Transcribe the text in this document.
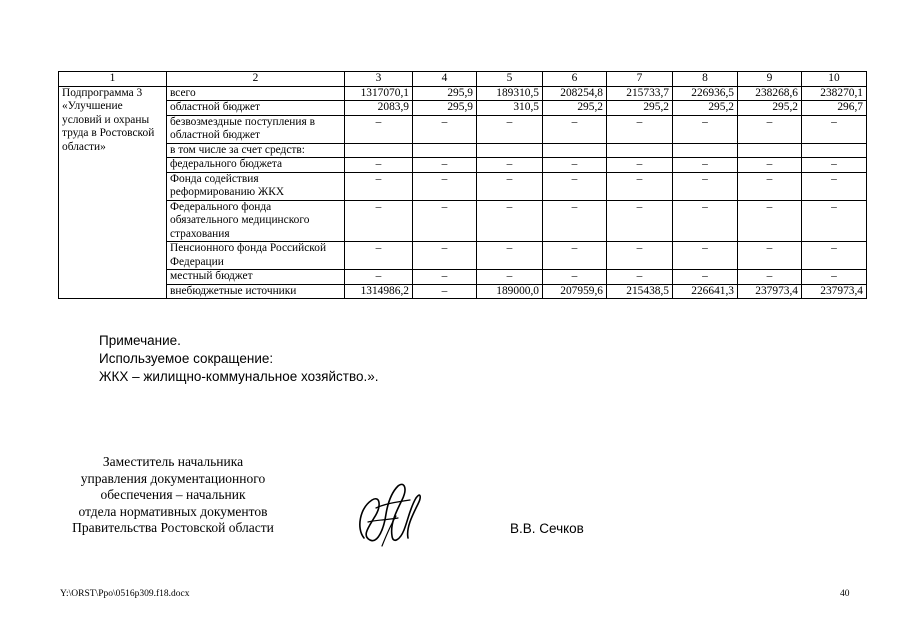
1	2	3	4	5	6	7	8	9	10
Подпрограмма 3 «Улучшение условий и охраны труда в Ростовской области»	всего	1317070,1	295,9	189310,5	208254,8	215733,7	226936,5	238268,6	238270,1
	областной бюджет	2083,9	295,9	310,5	295,2	295,2	295,2	295,2	296,7
	безвозмездные поступления в областной бюджет	–	–	–	–	–	–	–	–
	в том числе за счет средств:								
	федерального бюджета	–	–	–	–	–	–	–	–
	Фонда содействия реформированию ЖКХ	–	–	–	–	–	–	–	–
	Федерального фонда обязательного медицинского страхования	–	–	–	–	–	–	–	–
	Пенсионного фонда Российской Федерации	–	–	–	–	–	–	–	–
	местный бюджет	–	–	–	–	–	–	–	–
	внебюджетные источники	1314986,2	–	189000,0	207959,6	215438,5	226641,3	237973,4	237973,4
Примечание.
Используемое сокращение:
ЖКХ – жилищно-коммунальное хозяйство.».
Заместитель начальника
управления документационного
обеспечения – начальник
отдела нормативных документов
Правительства Ростовской области	В.В. Сечков
Y:\ORST\Ppo\0516p309.f18.docx	40
